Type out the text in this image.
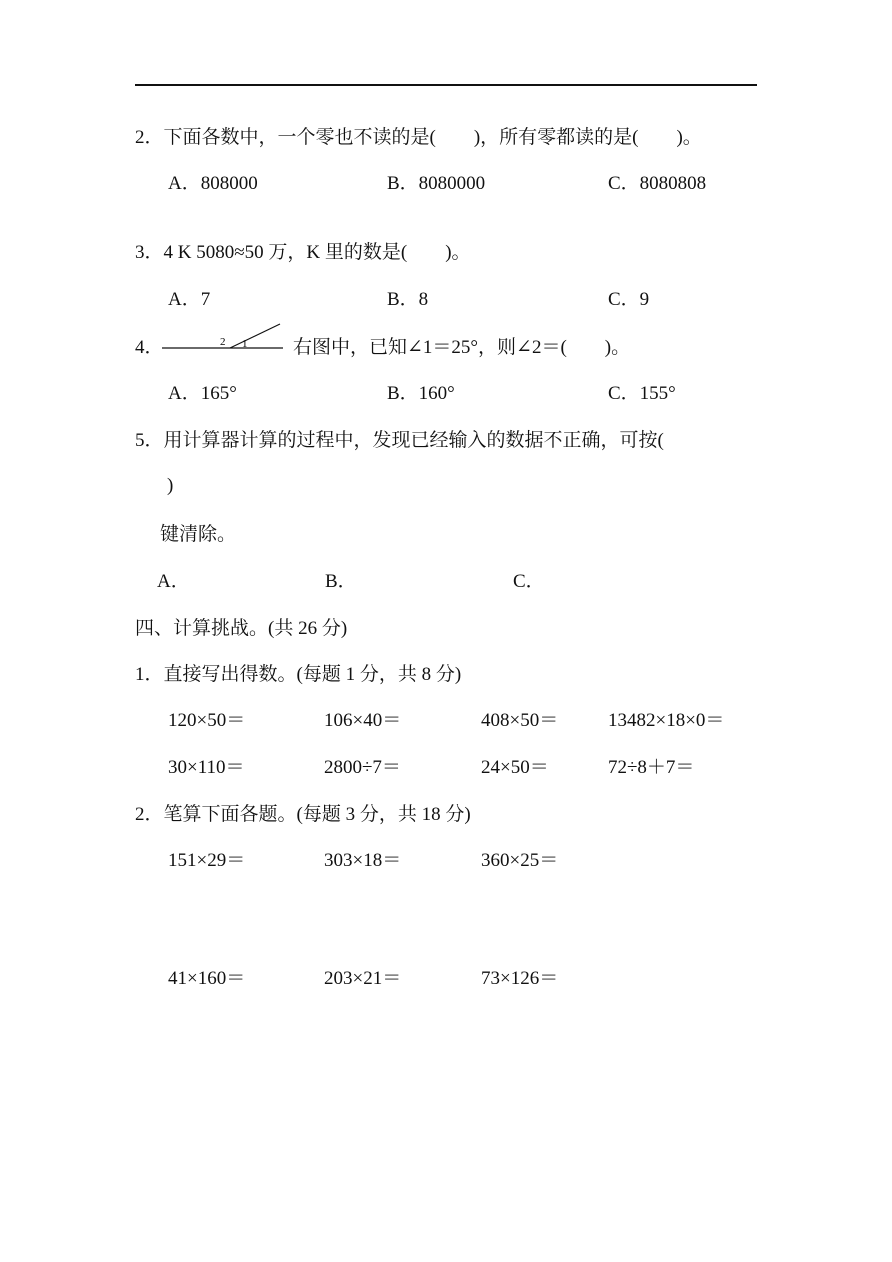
2．下面各数中，一个零也不读的是(　　)，所有零都读的是(　　)。
A．808000	B．8080000	C．8080808
3．4 K 5080≈50 万，K 里的数是(　　)。
A．7	B．8	C．9
4．	2 1 右图中，已知∠1＝25°，则∠2＝(　　)。
A．165°	B．160°	C．155°
5．用计算器计算的过程中，发现已经输入的数据不正确，可按(
)
键清除。
A．	B．	C．
四、计算挑战。(共 26 分)
1．直接写出得数。(每题 1 分，共 8 分)
120×50＝	106×40＝	408×50＝	13482×18×0＝
30×110＝	2800÷7＝	24×50＝	72÷8＋7＝
2．笔算下面各题。(每题 3 分，共 18 分)
151×29＝	303×18＝	360×25＝
41×160＝	203×21＝	73×126＝
